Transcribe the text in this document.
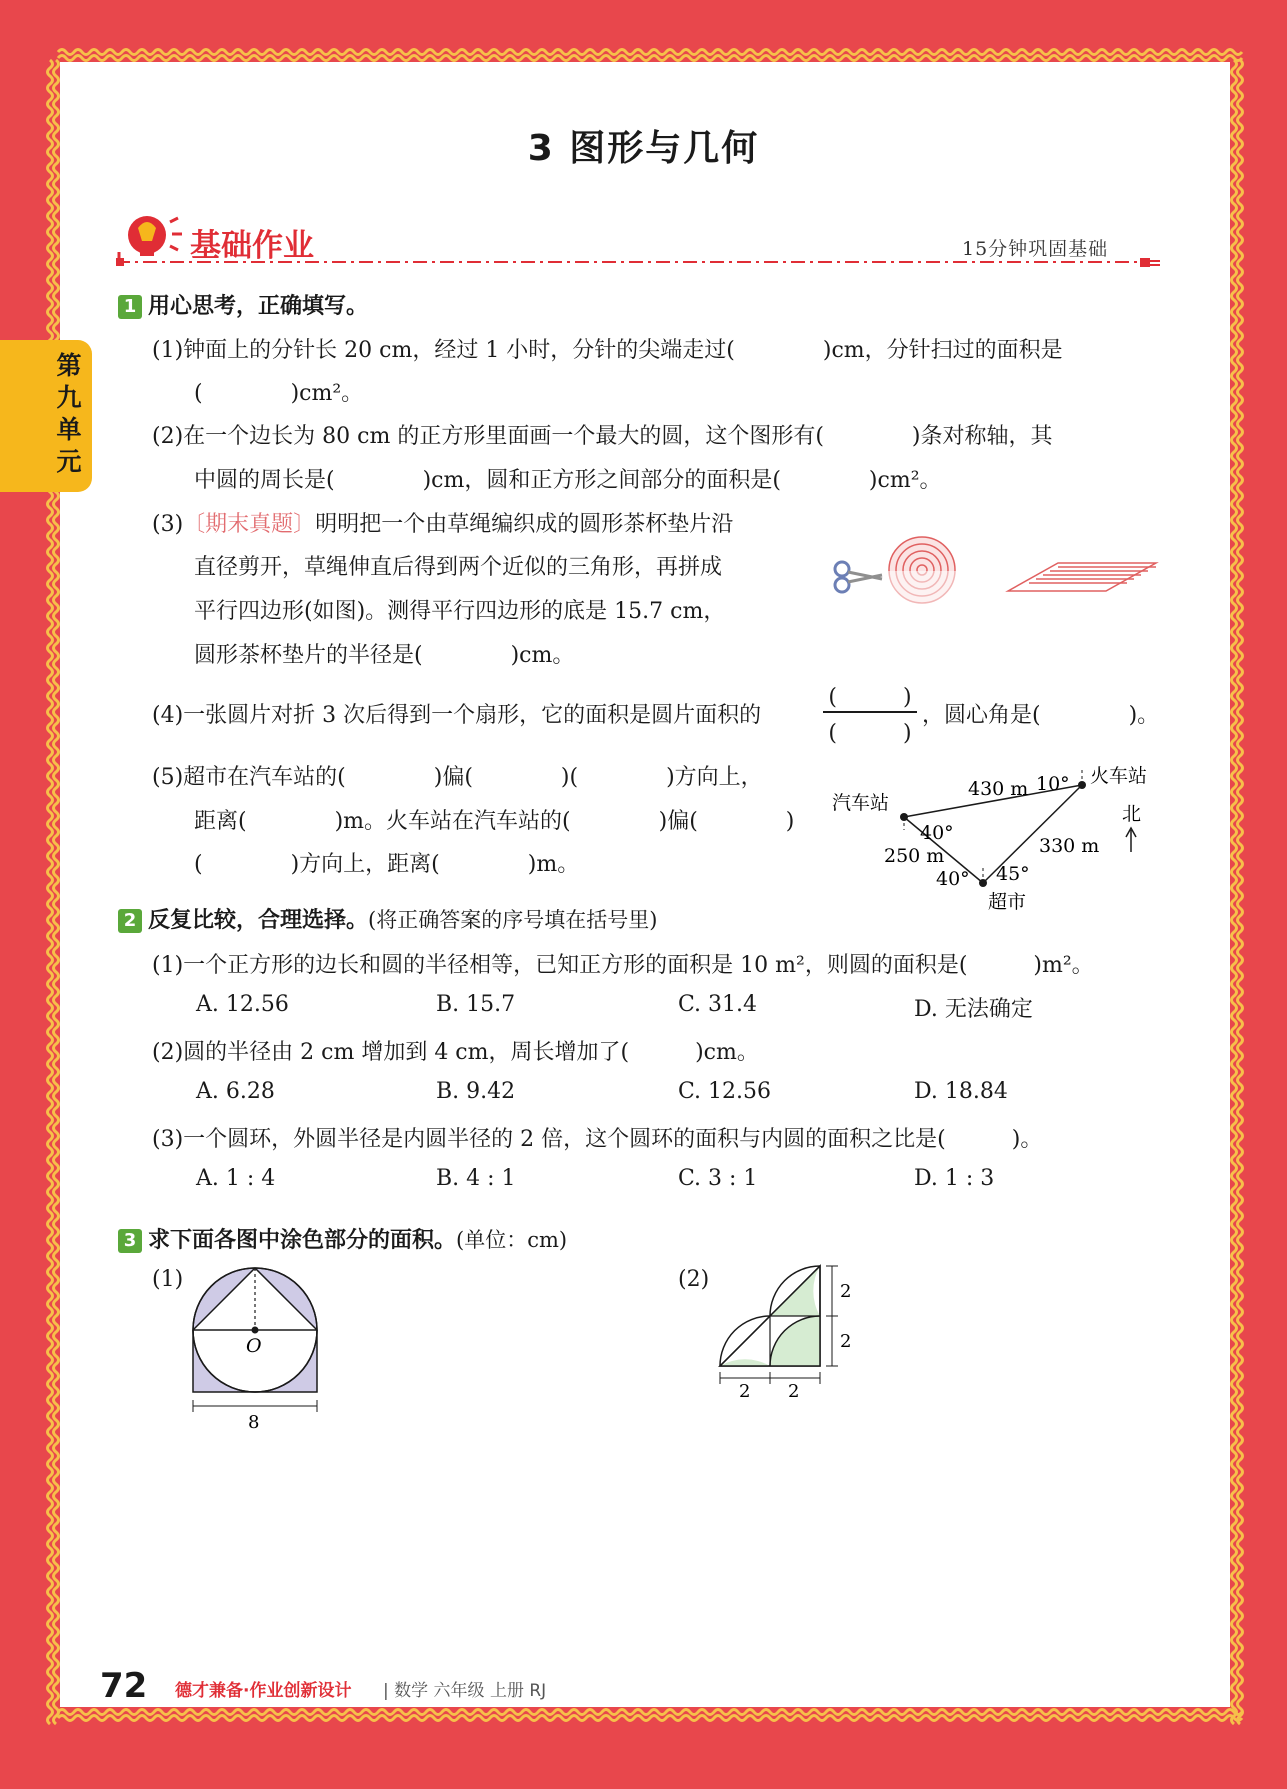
3 图形与几何
第九单元
基础作业	15分钟巩固基础
1 用心思考，正确填写。
(1)钟面上的分针长 20 cm，经过 1 小时，分针的尖端走过(　　　　)cm，分针扫过的面积是
(　　　　)cm²。
(2)在一个边长为 80 cm 的正方形里面画一个最大的圆，这个图形有(　　　　)条对称轴，其
中圆的周长是(　　　　)cm，圆和正方形之间部分的面积是(　　　　)cm²。
(3)〔期末真题〕明明把一个由草绳编织成的圆形茶杯垫片沿
直径剪开，草绳伸直后得到两个近似的三角形，再拼成
平行四边形(如图)。测得平行四边形的底是 15.7 cm，
圆形茶杯垫片的半径是(　　　　)cm。
(4)一张圆片对折 3 次后得到一个扇形，它的面积是圆片面积的
(　　　)
(　　　)
，圆心角是(　　　　)。
(5)超市在汽车站的(　　　　)偏(　　　　)(　　　　)方向上，
距离(　　　　)m。火车站在汽车站的(　　　　)偏(　　　　)
(　　　　)方向上，距离(　　　　)m。
汽车站
火车站
超市
430 m
250 m	330 m
10°
40°
40° 45°
北
2 反复比较，合理选择。(将正确答案的序号填在括号里)
(1)一个正方形的边长和圆的半径相等，已知正方形的面积是 10 m²，则圆的面积是(　　　)m²。
A. 12.56	B. 15.7	C. 31.4	D. 无法确定
(2)圆的半径由 2 cm 增加到 4 cm，周长增加了(　　　)cm。
A. 6.28	B. 9.42	C. 12.56	D. 18.84
(3)一个圆环，外圆半径是内圆半径的 2 倍，这个圆环的面积与内圆的面积之比是(　　　)。
A. 1 : 4	B. 4 : 1	C. 3 : 1	D. 1 : 3
3 求下面各图中涂色部分的面积。(单位：cm)
(1)
O
8
(2)
2 2
2
2
72 德才兼备·作业创新设计 | 数学 六年级 上册 RJ
